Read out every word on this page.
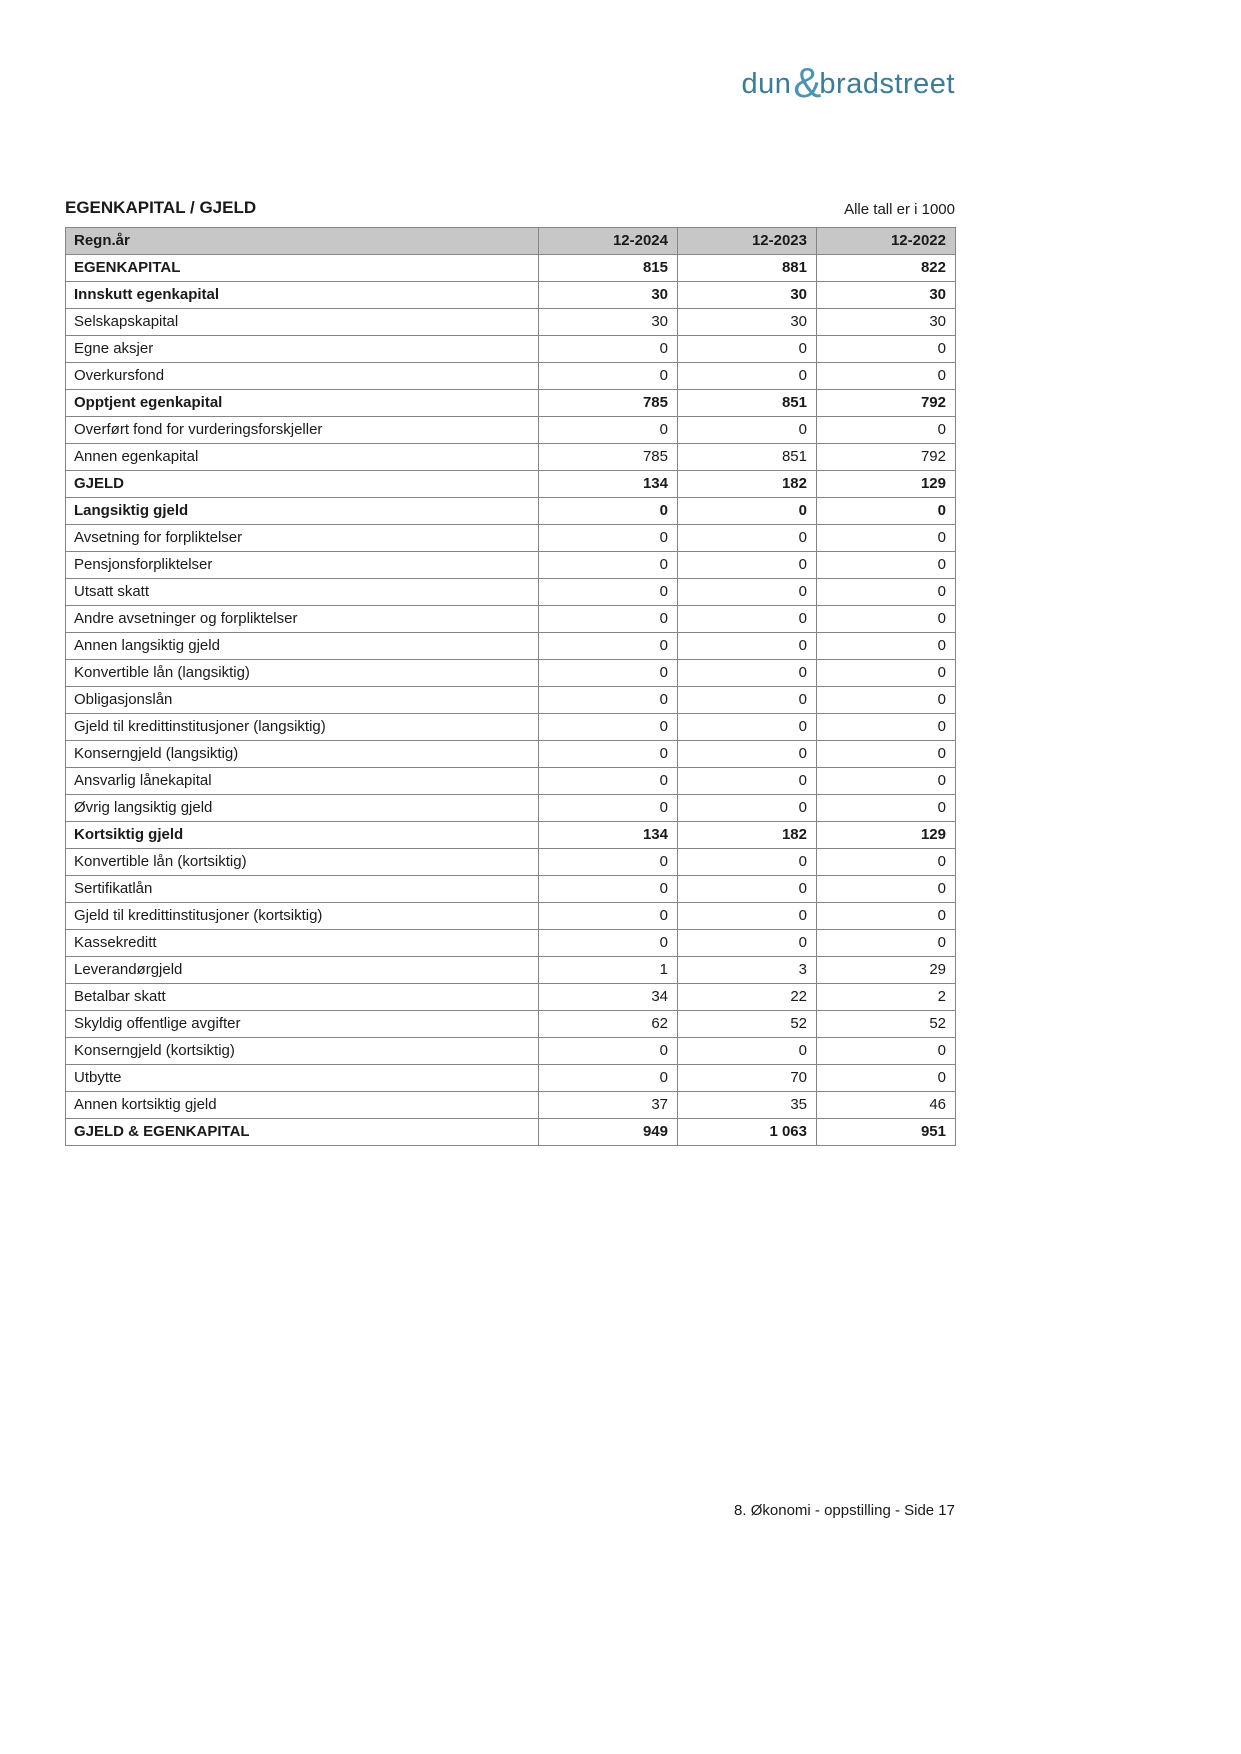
dun&bradstreet
EGENKAPITAL / GJELD	Alle tall er i 1000
Regn.år	12-2024	12-2023	12-2022
EGENKAPITAL	815	881	822
Innskutt egenkapital	30	30	30
Selskapskapital	30	30	30
Egne aksjer	0	0	0
Overkursfond	0	0	0
Opptjent egenkapital	785	851	792
Overført fond for vurderingsforskjeller	0	0	0
Annen egenkapital	785	851	792
GJELD	134	182	129
Langsiktig gjeld	0	0	0
Avsetning for forpliktelser	0	0	0
Pensjonsforpliktelser	0	0	0
Utsatt skatt	0	0	0
Andre avsetninger og forpliktelser	0	0	0
Annen langsiktig gjeld	0	0	0
Konvertible lån (langsiktig)	0	0	0
Obligasjonslån	0	0	0
Gjeld til kredittinstitusjoner (langsiktig)	0	0	0
Konserngjeld (langsiktig)	0	0	0
Ansvarlig lånekapital	0	0	0
Øvrig langsiktig gjeld	0	0	0
Kortsiktig gjeld	134	182	129
Konvertible lån (kortsiktig)	0	0	0
Sertifikatlån	0	0	0
Gjeld til kredittinstitusjoner (kortsiktig)	0	0	0
Kassekreditt	0	0	0
Leverandørgjeld	1	3	29
Betalbar skatt	34	22	2
Skyldig offentlige avgifter	62	52	52
Konserngjeld (kortsiktig)	0	0	0
Utbytte	0	70	0
Annen kortsiktig gjeld	37	35	46
GJELD & EGENKAPITAL	949	1 063	951
8. Økonomi - oppstilling - Side 17
